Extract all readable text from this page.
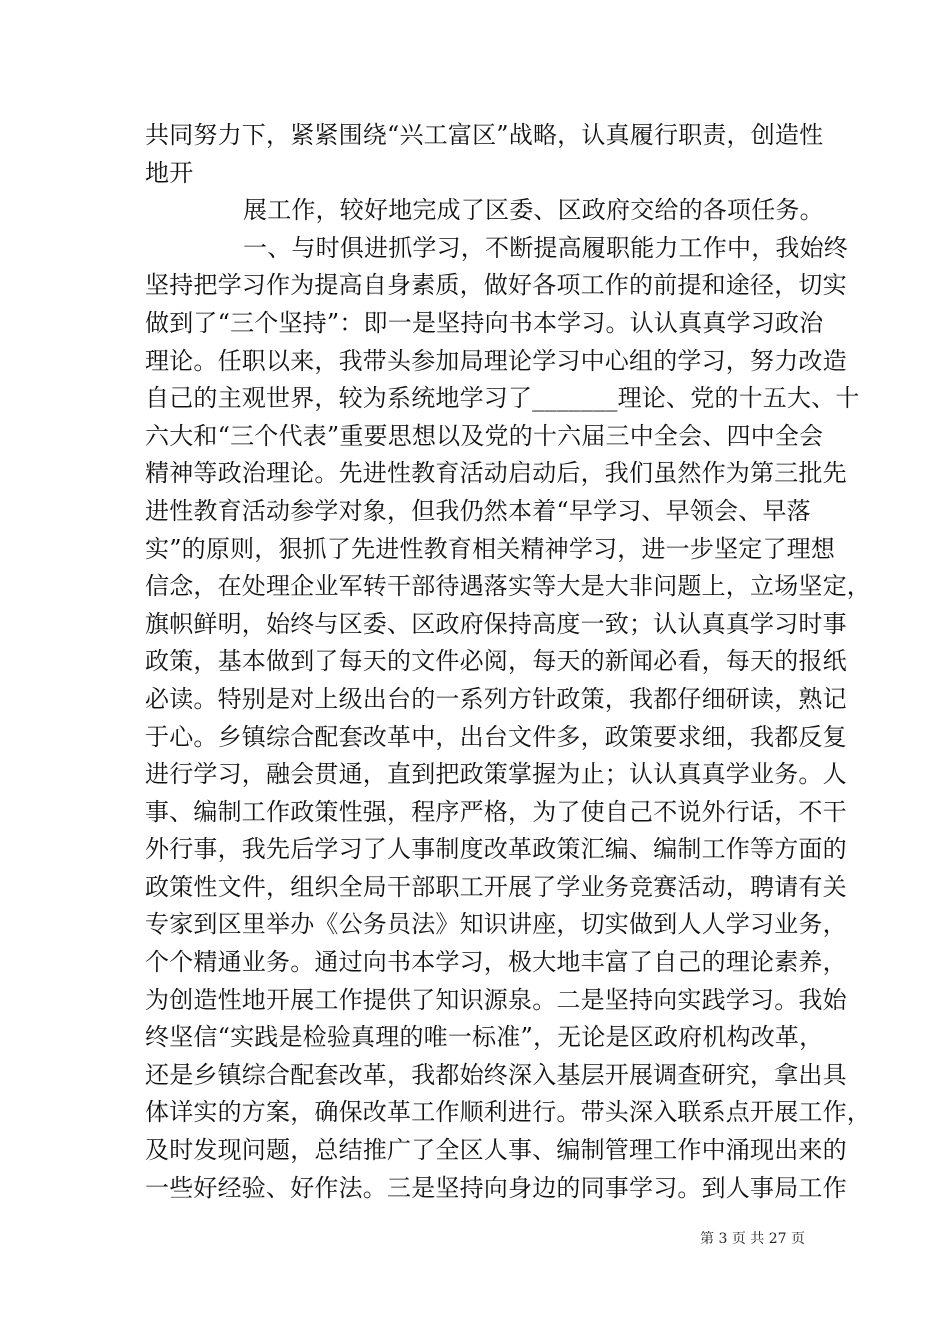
共同努力下，紧紧围绕“兴工富区”战略，认真履行职责，创造性
地开
展工作，较好地完成了区委、区政府交给的各项任务。
一、与时俱进抓学习，不断提高履职能力工作中，我始终
坚持把学习作为提高自身素质，做好各项工作的前提和途径，切实
做到了“三个坚持”：即一是坚持向书本学习。认认真真学习政治
理论。任职以来，我带头参加局理论学习中心组的学习，努力改造
自己的主观世界，较为系统地学习了_______理论、党的十五大、十
六大和“三个代表”重要思想以及党的十六届三中全会、四中全会
精神等政治理论。先进性教育活动启动后，我们虽然作为第三批先
进性教育活动参学对象，但我仍然本着“早学习、早领会、早落
实”的原则，狠抓了先进性教育相关精神学习，进一步坚定了理想
信念，在处理企业军转干部待遇落实等大是大非问题上，立场坚定，
旗帜鲜明，始终与区委、区政府保持高度一致；认认真真学习时事
政策，基本做到了每天的文件必阅，每天的新闻必看，每天的报纸
必读。特别是对上级出台的一系列方针政策，我都仔细研读，熟记
于心。乡镇综合配套改革中，出台文件多，政策要求细，我都反复
进行学习，融会贯通，直到把政策掌握为止；认认真真学业务。人
事、编制工作政策性强，程序严格，为了使自己不说外行话，不干
外行事，我先后学习了人事制度改革政策汇编、编制工作等方面的
政策性文件，组织全局干部职工开展了学业务竞赛活动，聘请有关
专家到区里举办《公务员法》知识讲座，切实做到人人学习业务，
个个精通业务。通过向书本学习，极大地丰富了自己的理论素养，
为创造性地开展工作提供了知识源泉。二是坚持向实践学习。我始
终坚信“实践是检验真理的唯一标准”，无论是区政府机构改革，
还是乡镇综合配套改革，我都始终深入基层开展调查研究，拿出具
体详实的方案，确保改革工作顺利进行。带头深入联系点开展工作，
及时发现问题，总结推广了全区人事、编制管理工作中涌现出来的
一些好经验、好作法。三是坚持向身边的同事学习。到人事局工作
第 3 页 共 27 页
